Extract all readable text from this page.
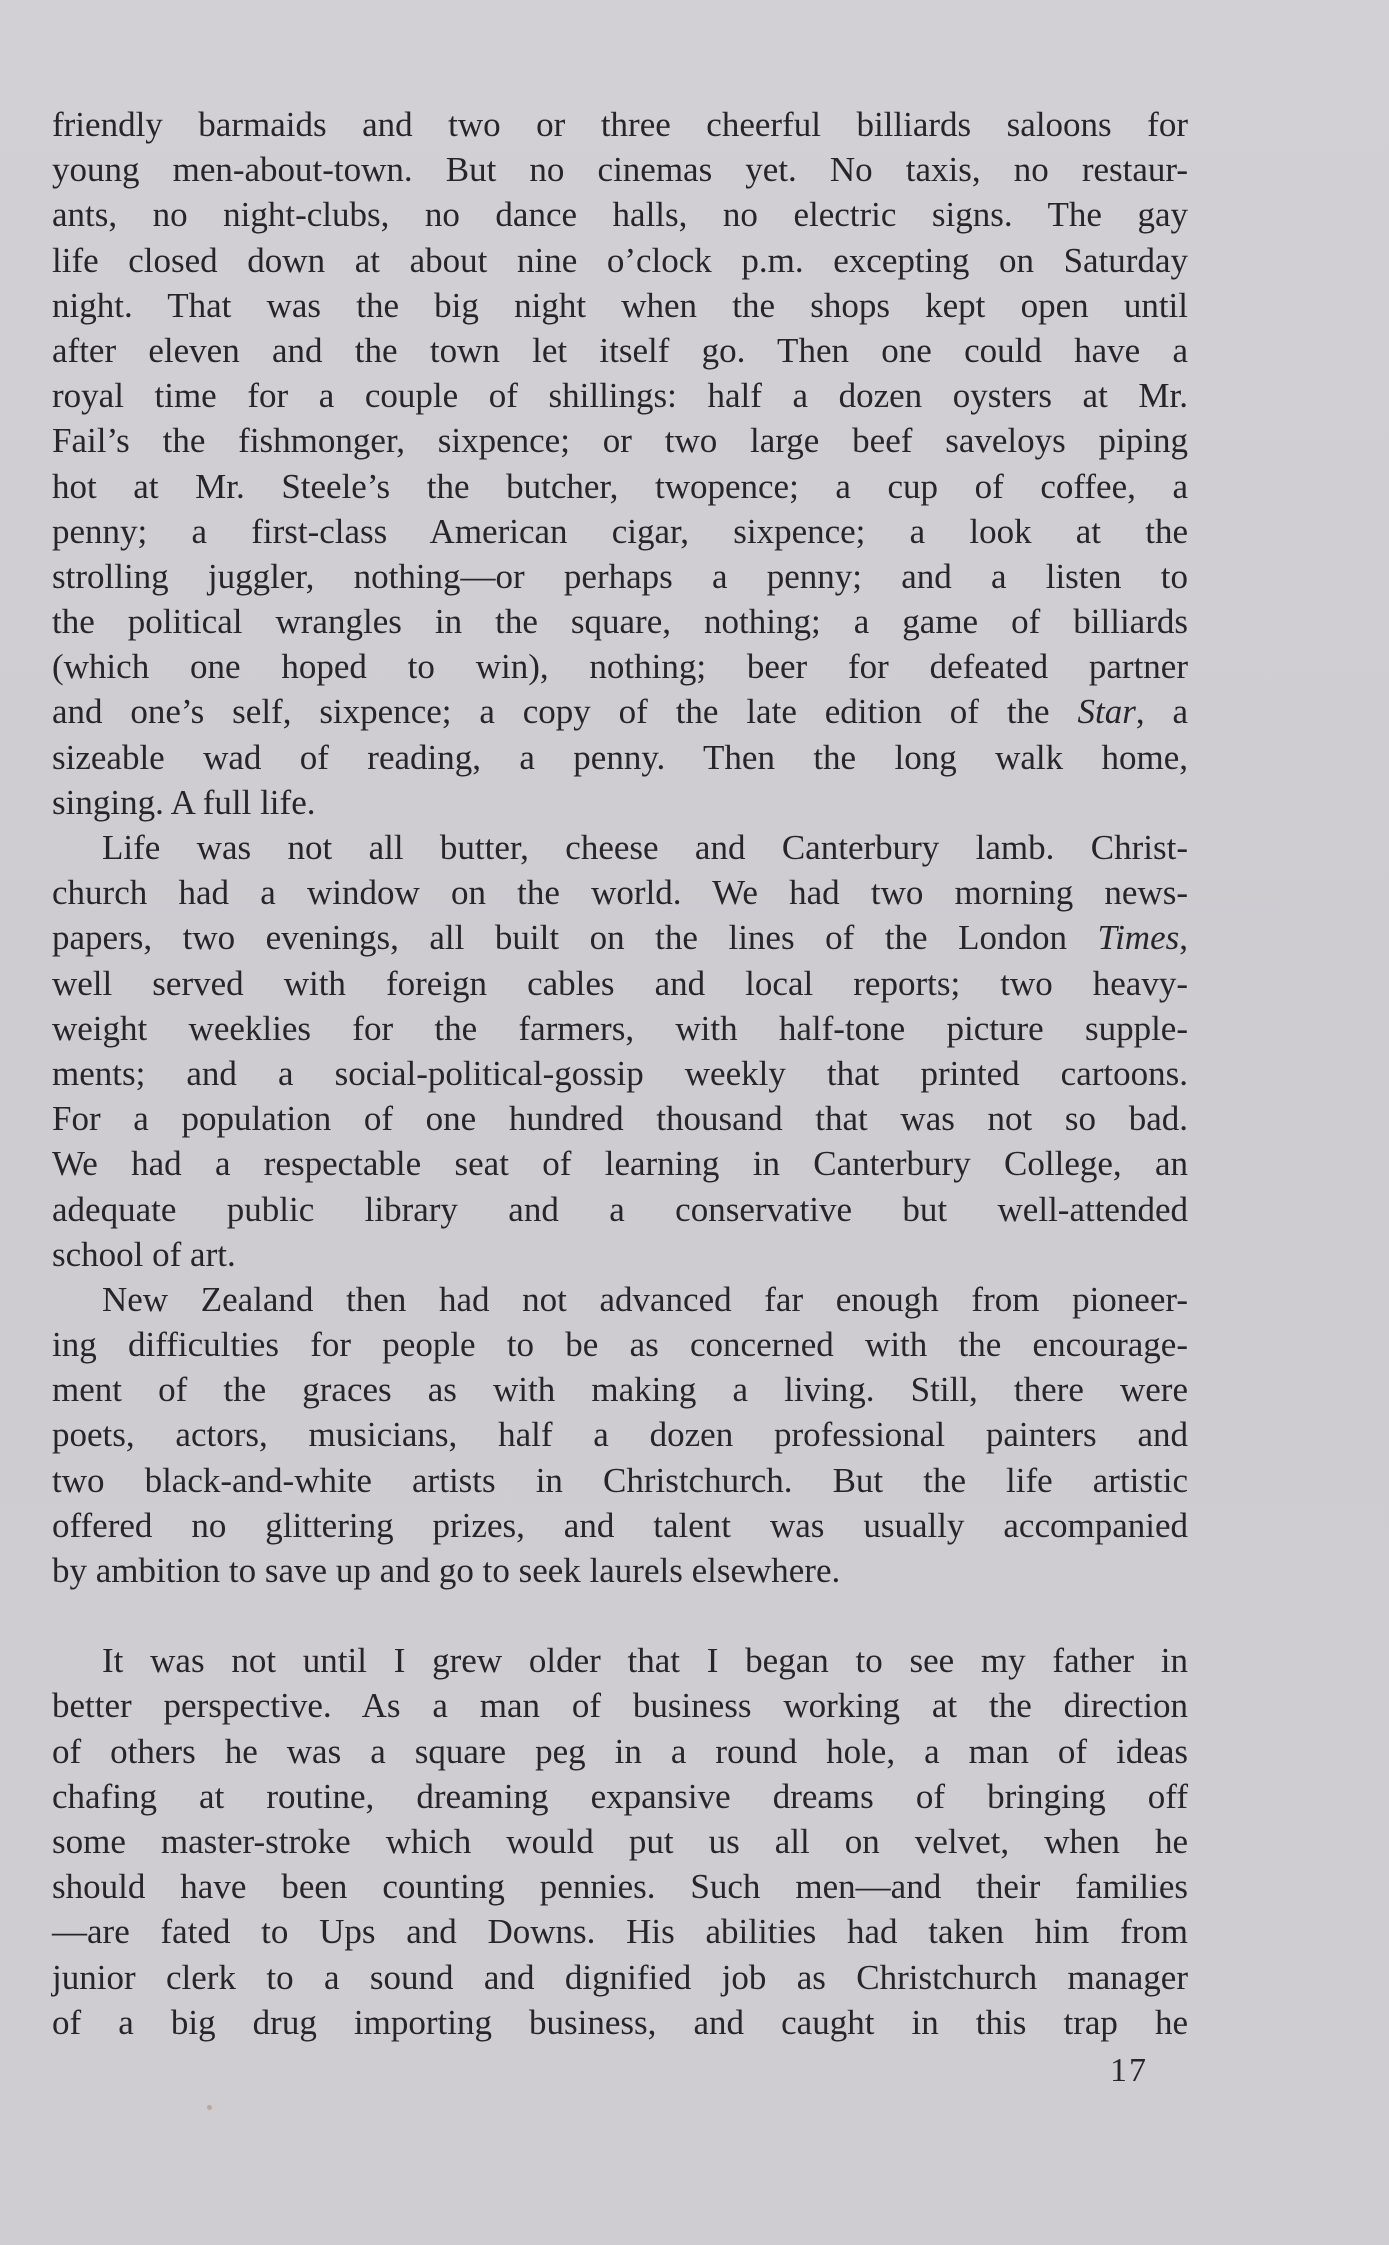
friendly barmaids and two or three cheerful billiards saloons for
young men-about-town. But no cinemas yet. No taxis, no restaur-
ants, no night-clubs, no dance halls, no electric signs. The gay
life closed down at about nine o’clock p.m. excepting on Saturday
night. That was the big night when the shops kept open until
after eleven and the town let itself go. Then one could have a
royal time for a couple of shillings: half a dozen oysters at Mr.
Fail’s the fishmonger, sixpence; or two large beef saveloys piping
hot at Mr. Steele’s the butcher, twopence; a cup of coffee, a
penny; a first-class American cigar, sixpence; a look at the
strolling juggler, nothing—or perhaps a penny; and a listen to
the political wrangles in the square, nothing; a game of billiards
(which one hoped to win), nothing; beer for defeated partner
and one’s self, sixpence; a copy of the late edition of the Star, a
sizeable wad of reading, a penny. Then the long walk home,
singing. A full life.
Life was not all butter, cheese and Canterbury lamb. Christ-
church had a window on the world. We had two morning news-
papers, two evenings, all built on the lines of the London Times,
well served with foreign cables and local reports; two heavy-
weight weeklies for the farmers, with half-tone picture supple-
ments; and a social-political-gossip weekly that printed cartoons.
For a population of one hundred thousand that was not so bad.
We had a respectable seat of learning in Canterbury College, an
adequate public library and a conservative but well-attended
school of art.
New Zealand then had not advanced far enough from pioneer-
ing difficulties for people to be as concerned with the encourage-
ment of the graces as with making a living. Still, there were
poets, actors, musicians, half a dozen professional painters and
two black-and-white artists in Christchurch. But the life artistic
offered no glittering prizes, and talent was usually accompanied
by ambition to save up and go to seek laurels elsewhere.
It was not until I grew older that I began to see my father in
better perspective. As a man of business working at the direction
of others he was a square peg in a round hole, a man of ideas
chafing at routine, dreaming expansive dreams of bringing off
some master-stroke which would put us all on velvet, when he
should have been counting pennies. Such men—and their families
—are fated to Ups and Downs. His abilities had taken him from
junior clerk to a sound and dignified job as Christchurch manager
of a big drug importing business, and caught in this trap he
17
